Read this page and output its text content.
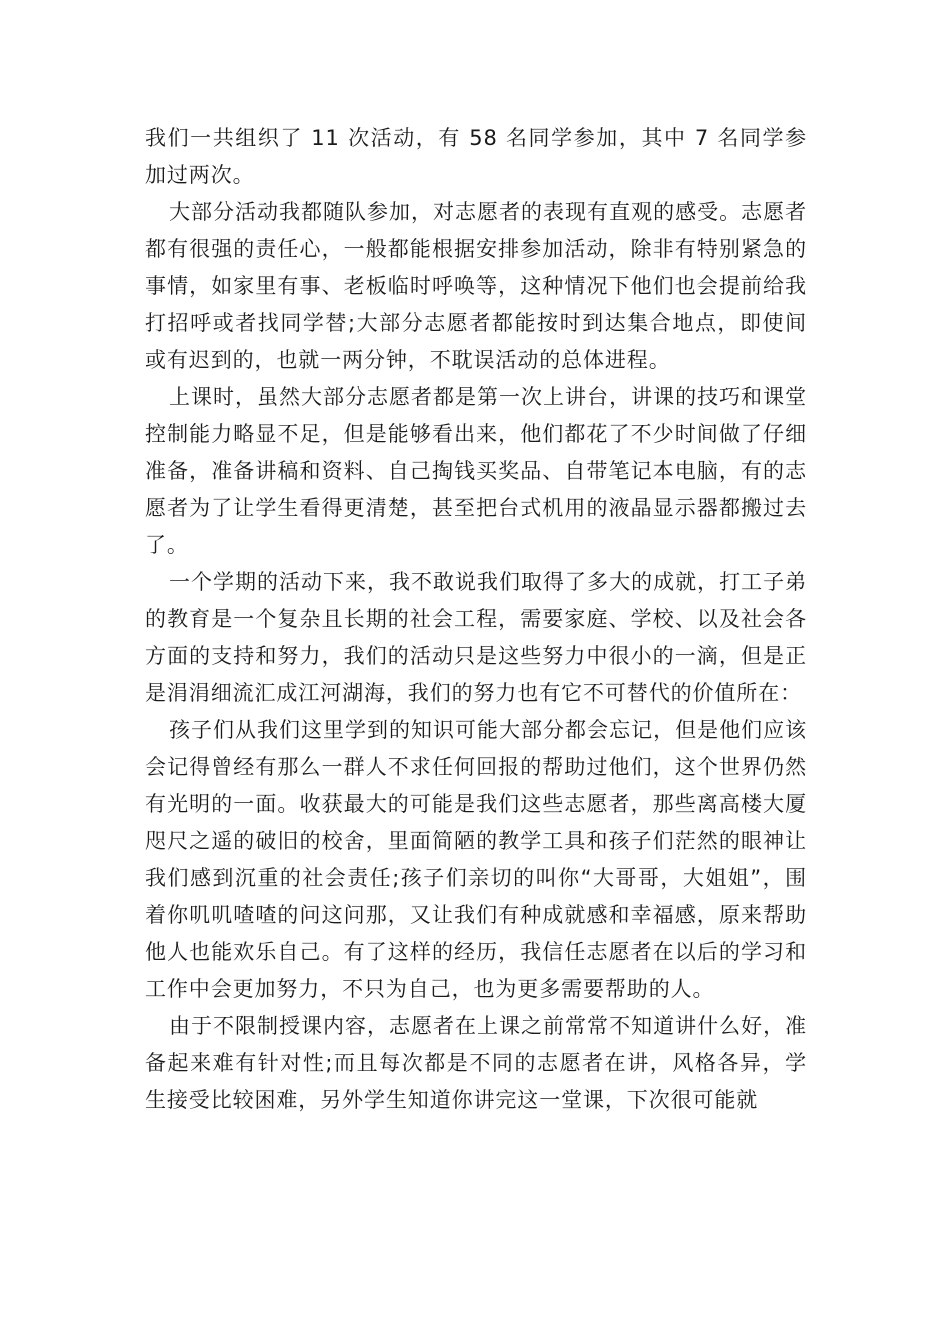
我们一共组织了 11 次活动，有 58 名同学参加，其中 7 名同学参加过两次。

大部分活动我都随队参加，对志愿者的表现有直观的感受。志愿者都有很强的责任心，一般都能根据安排参加活动，除非有特别紧急的事情，如家里有事、老板临时呼唤等，这种情况下他们也会提前给我打招呼或者找同学替;大部分志愿者都能按时到达集合地点，即使间或有迟到的，也就一两分钟，不耽误活动的总体进程。

上课时，虽然大部分志愿者都是第一次上讲台，讲课的技巧和课堂控制能力略显不足，但是能够看出来，他们都花了不少时间做了仔细准备，准备讲稿和资料、自己掏钱买奖品、自带笔记本电脑，有的志愿者为了让学生看得更清楚，甚至把台式机用的液晶显示器都搬过去了。

一个学期的活动下来，我不敢说我们取得了多大的成就，打工子弟的教育是一个复杂且长期的社会工程，需要家庭、学校、以及社会各方面的支持和努力，我们的活动只是这些努力中很小的一滴，但是正是涓涓细流汇成江河湖海，我们的努力也有它不可替代的价值所在：

孩子们从我们这里学到的知识可能大部分都会忘记，但是他们应该会记得曾经有那么一群人不求任何回报的帮助过他们，这个世界仍然有光明的一面。收获最大的可能是我们这些志愿者，那些离高楼大厦咫尺之遥的破旧的校舍，里面简陋的教学工具和孩子们茫然的眼神让我们感到沉重的社会责任;孩子们亲切的叫你“大哥哥，大姐姐”，围着你叽叽喳喳的问这问那，又让我们有种成就感和幸福感，原来帮助他人也能欢乐自己。有了这样的经历，我信任志愿者在以后的学习和工作中会更加努力，不只为自己，也为更多需要帮助的人。

由于不限制授课内容，志愿者在上课之前常常不知道讲什么好，准备起来难有针对性;而且每次都是不同的志愿者在讲，风格各异，学生接受比较困难，另外学生知道你讲完这一堂课，下次很可能就
